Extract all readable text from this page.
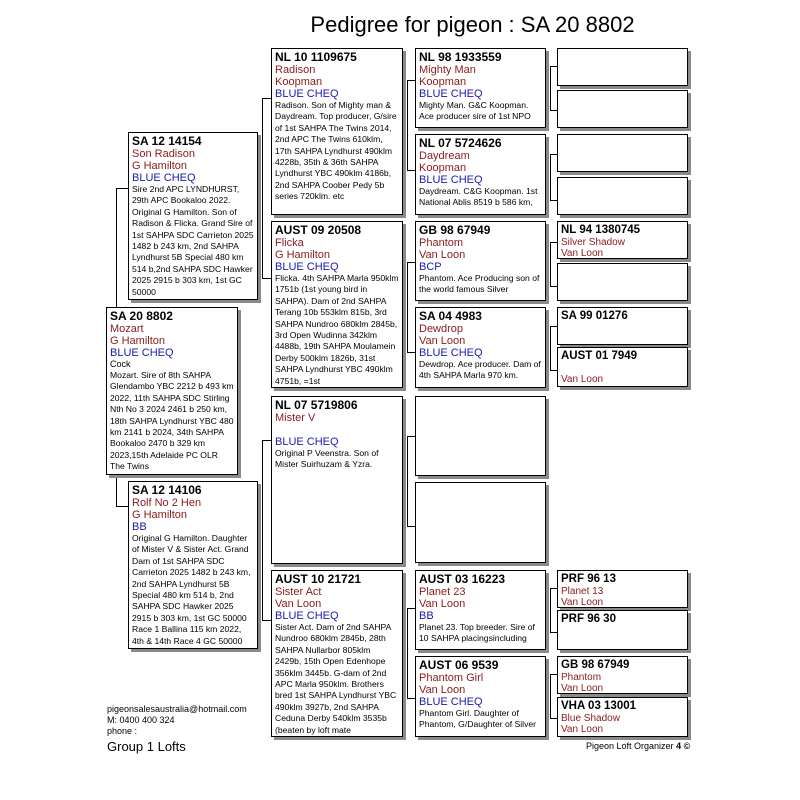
Pedigree for pigeon : SA 20 8802
SA 20 8802
Mozart
G Hamilton
BLUE CHEQ
Cock
Mozart. Sire of 8th SAHPA Glendambo YBC 2212 b 493 km 2022, 11th SAHPA SDC Stirling Nth No 3 2024 2461 b 250 km, 18th SAHPA Lyndhurst YBC 480 km 2141 b 2024, 34th SAHPA Bookaloo 2470 b 329 km 2023,15th Adelaide PC OLR The Twins
SA 12 14154
Son Radison
G Hamilton
BLUE CHEQ
Sire 2nd APC LYNDHURST, 29th APC Bookaloo 2022. Original G Hamilton. Son of Radison & Flicka. Grand Sire of 1st SAHPA SDC Carrieton 2025 1482 b 243 km, 2nd SAHPA Lyndhurst 5B Special 480 km 514 b,2nd SAHPA SDC Hawker 2025 2915 b 303 km, 1st GC 50000
SA 12 14106
Rolf No 2 Hen
G Hamilton
BB
Original G Hamilton. Daughter of Mister V & Sister Act. Grand Dam of 1st SAHPA SDC Carrieton 2025 1482 b 243 km, 2nd SAHPA Lyndhurst 5B Special 480 km 514 b, 2nd SAHPA SDC Hawker 2025 2915 b 303 km, 1st GC 50000 Race 1 Ballina 115 km 2022, 4th & 14th Race 4 GC 50000
NL 10 1109675
Radison
Koopman
BLUE CHEQ
Radison. Son of Mighty man & Daydream. Top producer, G/sire of 1st SAHPA The Twins 2014, 2nd APC The Twins 610klm, 17th SAHPA Lyndhurst 490klm 4228b, 35th & 36th SAHPA Lyndhurst YBC 490klm 4186b, 2nd SAHPA Coober Pedy 5b series 720klm. etc
AUST 09 20508
Flicka
G Hamilton
BLUE CHEQ
Flicka. 4th SAHPA Marla 950klm 1751b (1st young bird in SAHPA). Dam of 2nd SAHPA Terang 10b 553klm 815b, 3rd SAHPA Nundroo 680klm 2845b, 3rd Open Wudinna 342klm 4488b, 19th SAHPA Moulamein Derby 500klm 1826b, 31st SAHPA Lyndhurst YBC 490klm 4751b, =1st
NL 07 5719806
Mister V
BLUE CHEQ
Original P Veenstra. Son of Mister Suirhuzam & Yzra.
AUST 10 21721
Sister Act
Van Loon
BLUE CHEQ
Sister Act. Dam of 2nd SAHPA Nundroo 680klm 2845b, 28th SAHPA Nullarbor 805klm 2429b, 15th Open Edenhope 356klm 3445b. G-dam of 2nd APC Marla 950klm. Brothers bred 1st SAHPA Lyndhurst YBC 490klm 3927b, 2nd SAHPA Ceduna Derby 540klm 3535b (beaten by loft mate
NL 98 1933559
Mighty Man
Koopman
BLUE CHEQ
Mighty Man. G&C Koopman. Ace producer sire of 1st NPO
NL 07 5724626
Daydream
Koopman
BLUE CHEQ
Daydream. C&G Koopman. 1st National Ablis 8519 b 586 km,
GB 98 67949
Phantom
Van Loon
BCP
Phantom. Ace Producing son of the world famous Silver
SA 04 4983
Dewdrop
Van Loon
BLUE CHEQ
Dewdrop. Ace producer. Dam of 4th SAHPA Marla 970 km.
AUST 03 16223
Planet 23
Van Loon
BB
Planet 23. Top breeder. Sire of 10 SAHPA placingsincluding
AUST 06 9539
Phantom Girl
Van Loon
BLUE CHEQ
Phantom Girl. Daughter of Phantom, G/Daughter of Silver
NL 94 1380745
Silver Shadow
Van Loon
SA 99 01276
AUST 01 7949
Van Loon
PRF 96 13
Planet 13
Van Loon
PRF 96 30
GB 98 67949
Phantom
Van Loon
VHA 03 13001
Blue Shadow
Van Loon
pigeonsalesaustralia@hotmail.com
M: 0400 400 324
phone :
Group 1 Lofts	Pigeon Loft Organizer 4 ©
